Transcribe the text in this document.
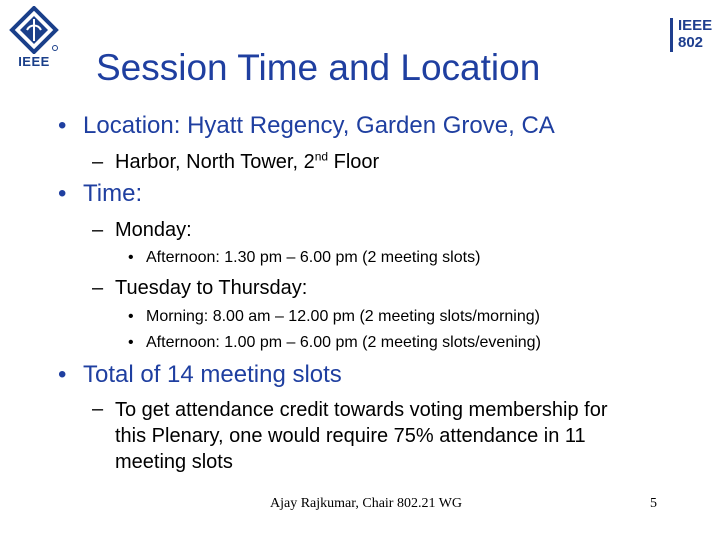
IEEE
IEEE
802
Session Time and Location
• Location: Hyatt Regency, Garden Grove, CA
– Harbor, North Tower, 2nd Floor
• Time:
– Monday:
• Afternoon: 1.30 pm – 6.00 pm (2 meeting slots)
– Tuesday to Thursday:
• Morning: 8.00 am – 12.00 pm (2 meeting slots/morning)
• Afternoon: 1.00 pm – 6.00 pm (2 meeting slots/evening)
• Total of 14 meeting slots
– To get attendance credit towards voting membership for this Plenary, one would require 75% attendance in 11 meeting slots
Ajay Rajkumar, Chair 802.21 WG	5
